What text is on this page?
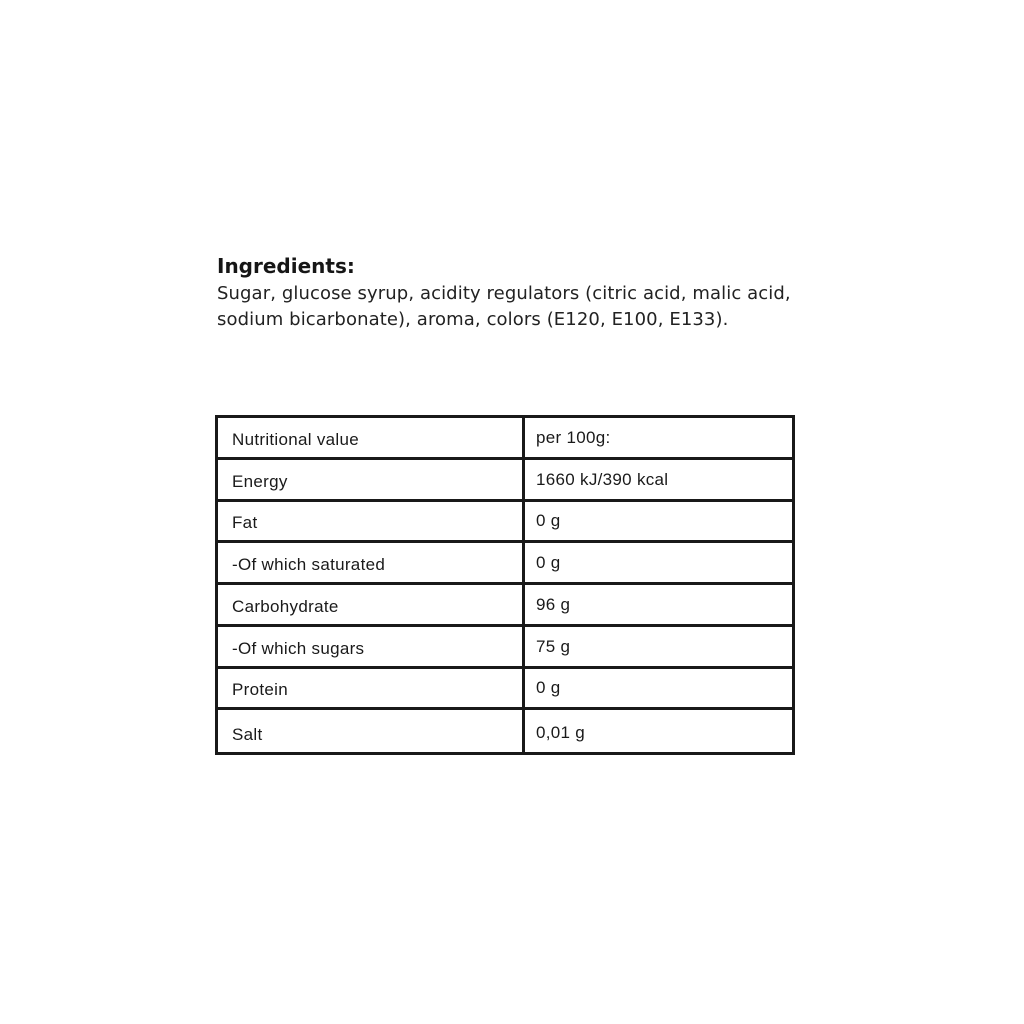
Ingredients:
Sugar, glucose syrup, acidity regulators (citric acid, malic acid,
sodium bicarbonate), aroma, colors (E120, E100, E133).
Nutritional value	per 100g:
Energy	1660 kJ/390 kcal
Fat	0 g
-Of which saturated	0 g
Carbohydrate	96 g
-Of which sugars	75 g
Protein	0 g
Salt	0,01 g
